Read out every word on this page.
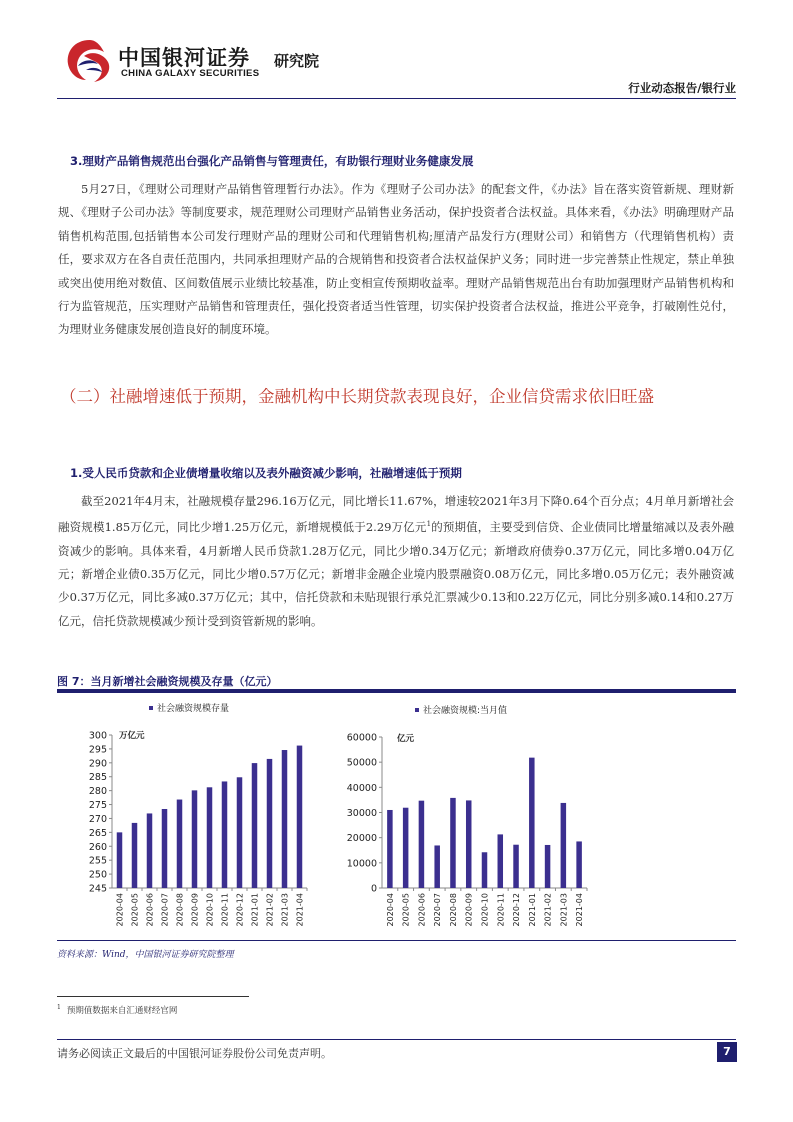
中国银河证券
CHINA GALAXY SECURITIES
研究院
行业动态报告/银行业
3.理财产品销售规范出台强化产品销售与管理责任，有助银行理财业务健康发展
5月27日，《理财公司理财产品销售管理暂行办法》。作为《理财子公司办法》的配套文件，《办法》旨在落实资管新规、理财新规、《理财子公司办法》等制度要求，规范理财公司理财产品销售业务活动，保护投资者合法权益。具体来看，《办法》明确理财产品销售机构范围,包括销售本公司发行理财产品的理财公司和代理销售机构;厘清产品发行方(理财公司）和销售方（代理销售机构）责任，要求双方在各自责任范围内，共同承担理财产品的合规销售和投资者合法权益保护义务；同时进一步完善禁止性规定，禁止单独或突出使用绝对数值、区间数值展示业绩比较基准，防止变相宣传预期收益率。理财产品销售规范出台有助加强理财产品销售机构和行为监管规范，压实理财产品销售和管理责任，强化投资者适当性管理，切实保护投资者合法权益，推进公平竞争，打破刚性兑付，为理财业务健康发展创造良好的制度环境。
（二）社融增速低于预期，金融机构中长期贷款表现良好，企业信贷需求依旧旺盛
1.受人民币贷款和企业债增量收缩以及表外融资减少影响，社融增速低于预期
截至2021年4月末，社融规模存量296.16万亿元，同比增长11.67%，增速较2021年3月下降0.64个百分点；4月单月新增社会融资规模1.85万亿元，同比少增1.25万亿元，新增规模低于2.29万亿元$^1$的预期值，主要受到信贷、企业债同比增量缩减以及表外融资减少的影响。具体来看，4月新增人民币贷款1.28万亿元，同比少增0.34万亿元；新增政府债券0.37万亿元，同比多增0.04万亿元；新增企业债0.35万亿元，同比少增0.57万亿元；新增非金融企业境内股票融资0.08万亿元，同比多增0.05万亿元；表外融资减少0.37万亿元，同比多减0.37万亿元；其中，信托贷款和未贴现银行承兑汇票减少0.13和0.22万亿元，同比分别多减0.14和0.27万亿元，信托贷款规模减少预计受到资管新规的影响。
图 7：当月新增社会融资规模及存量（亿元）
245
250
255
260
265
270
275
280
285
290
295
300
社会融资规模存量
万亿元
2020-04 2020-05 2020-06 2020-07 2020-08 2020-09 2020-10 2020-11 2020-12 2021-01 2021-02 2021-03 2021-04
0
10000
20000
30000
40000
50000
60000
社会融资规模:当月值
亿元
2020-04 2020-05 2020-06 2020-07 2020-08 2020-09 2020-10 2020-11 2020-12 2021-01 2021-02 2021-03 2021-04
资料来源：Wind，中国银河证券研究院整理
$^1$ 预期值数据来自汇通财经官网
请务必阅读正文最后的中国银河证券股份公司免责声明。	7
